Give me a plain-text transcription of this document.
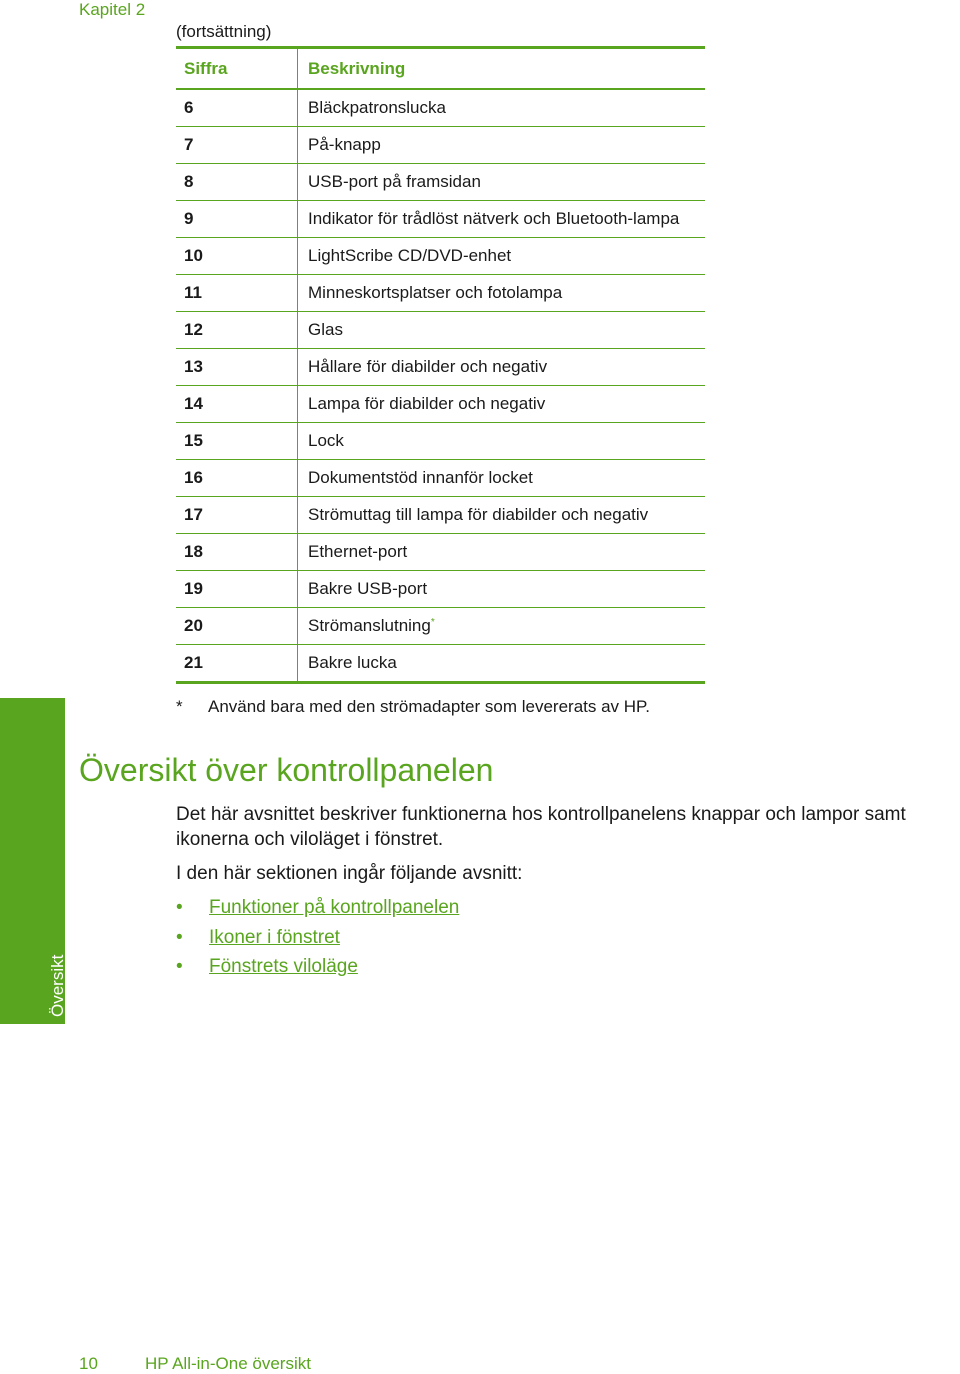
Kapitel 2
(fortsättning)
Siffra	Beskrivning
6	Bläckpatronslucka
7	På-knapp
8	USB-port på framsidan
9	Indikator för trådlöst nätverk och Bluetooth-lampa
10	LightScribe CD/DVD-enhet
11	Minneskortsplatser och fotolampa
12	Glas
13	Hållare för diabilder och negativ
14	Lampa för diabilder och negativ
15	Lock
16	Dokumentstöd innanför locket
17	Strömuttag till lampa för diabilder och negativ
18	Ethernet-port
19	Bakre USB-port
20	Strömanslutning*
21	Bakre lucka
* Använd bara med den strömadapter som levererats av HP.
Översikt
Översikt över kontrollpanelen

Det här avsnittet beskriver funktionerna hos kontrollpanelens knappar och lampor samt ikonerna och viloläget i fönstret.

I den här sektionen ingår följande avsnitt:

• Funktioner på kontrollpanelen
• Ikoner i fönstret
• Fönstrets viloläge
10	HP All-in-One översikt
